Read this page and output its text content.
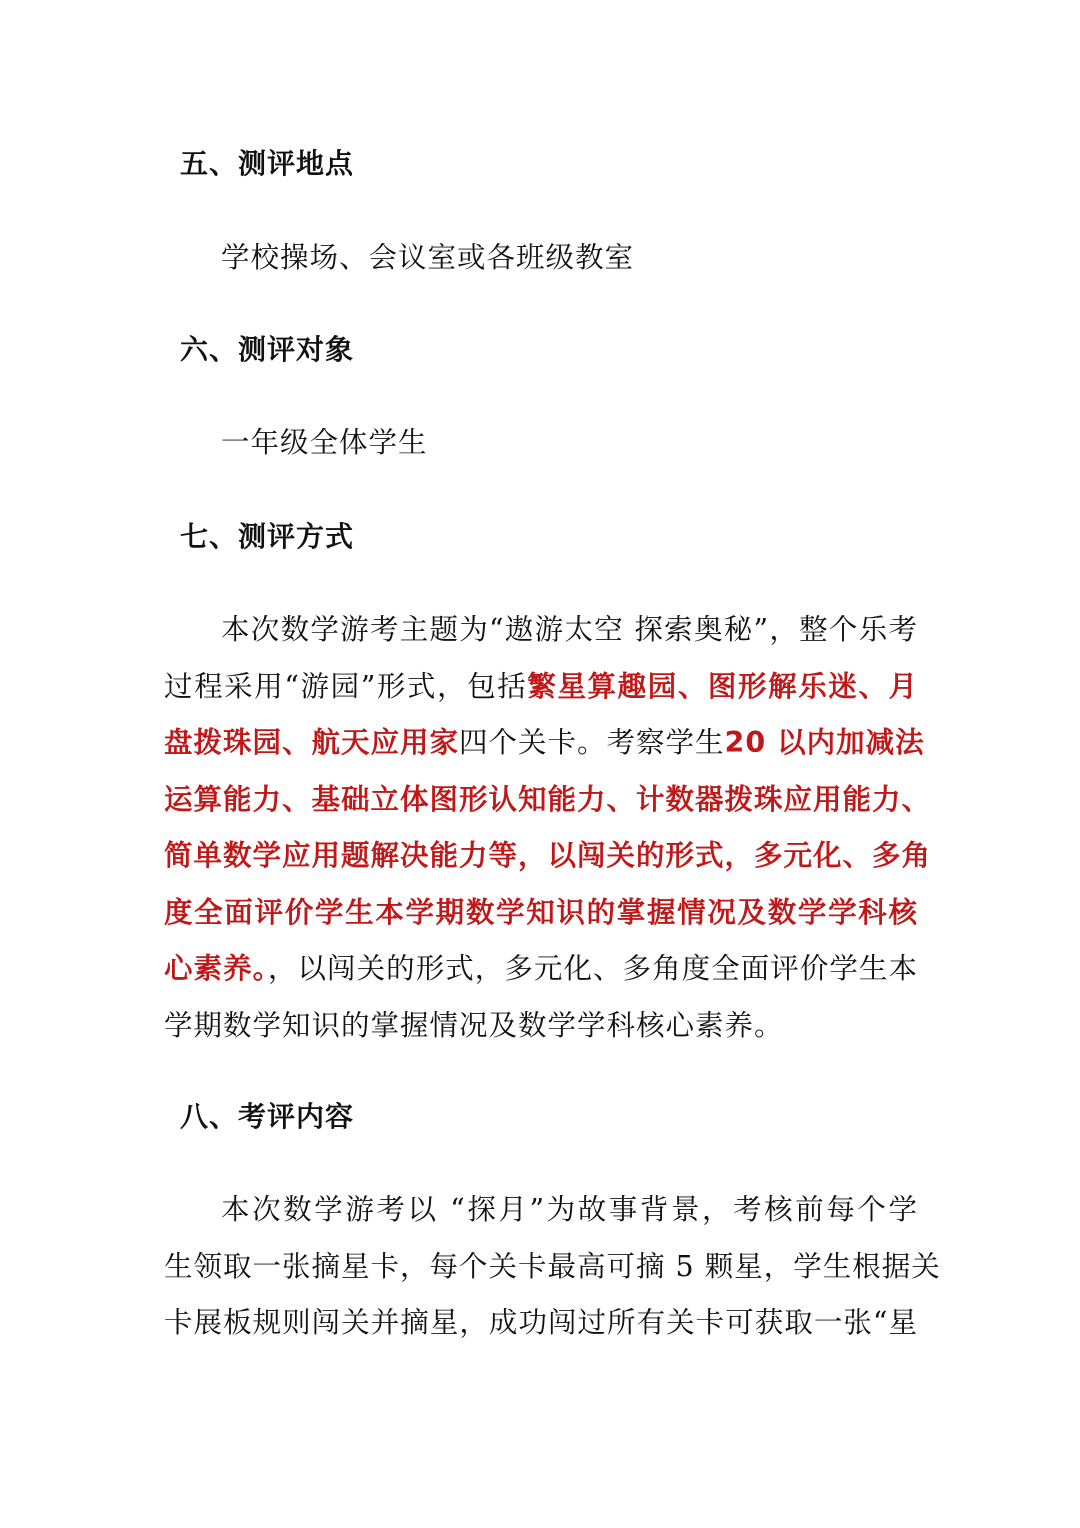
五、测评地点
学校操场、会议室或各班级教室
六、测评对象
一年级全体学生
七、测评方式
本次数学游考主题为“遨游太空 探索奥秘”，整个乐考
过程采用“游园”形式，包括繁星算趣园、图形解乐迷、月
盘拨珠园、航天应用家四个关卡。考察学生20 以内加减法
运算能力、基础立体图形认知能力、计数器拨珠应用能力、
简单数学应用题解决能力等，以闯关的形式，多元化、多角
度全面评价学生本学期数学知识的掌握情况及数学学科核
心素养。，以闯关的形式，多元化、多角度全面评价学生本
学期数学知识的掌握情况及数学学科核心素养。
八、考评内容
本次数学游考以 “探月”为故事背景，考核前每个学
生领取一张摘星卡，每个关卡最高可摘 5 颗星，学生根据关
卡展板规则闯关并摘星，成功闯过所有关卡可获取一张“星
